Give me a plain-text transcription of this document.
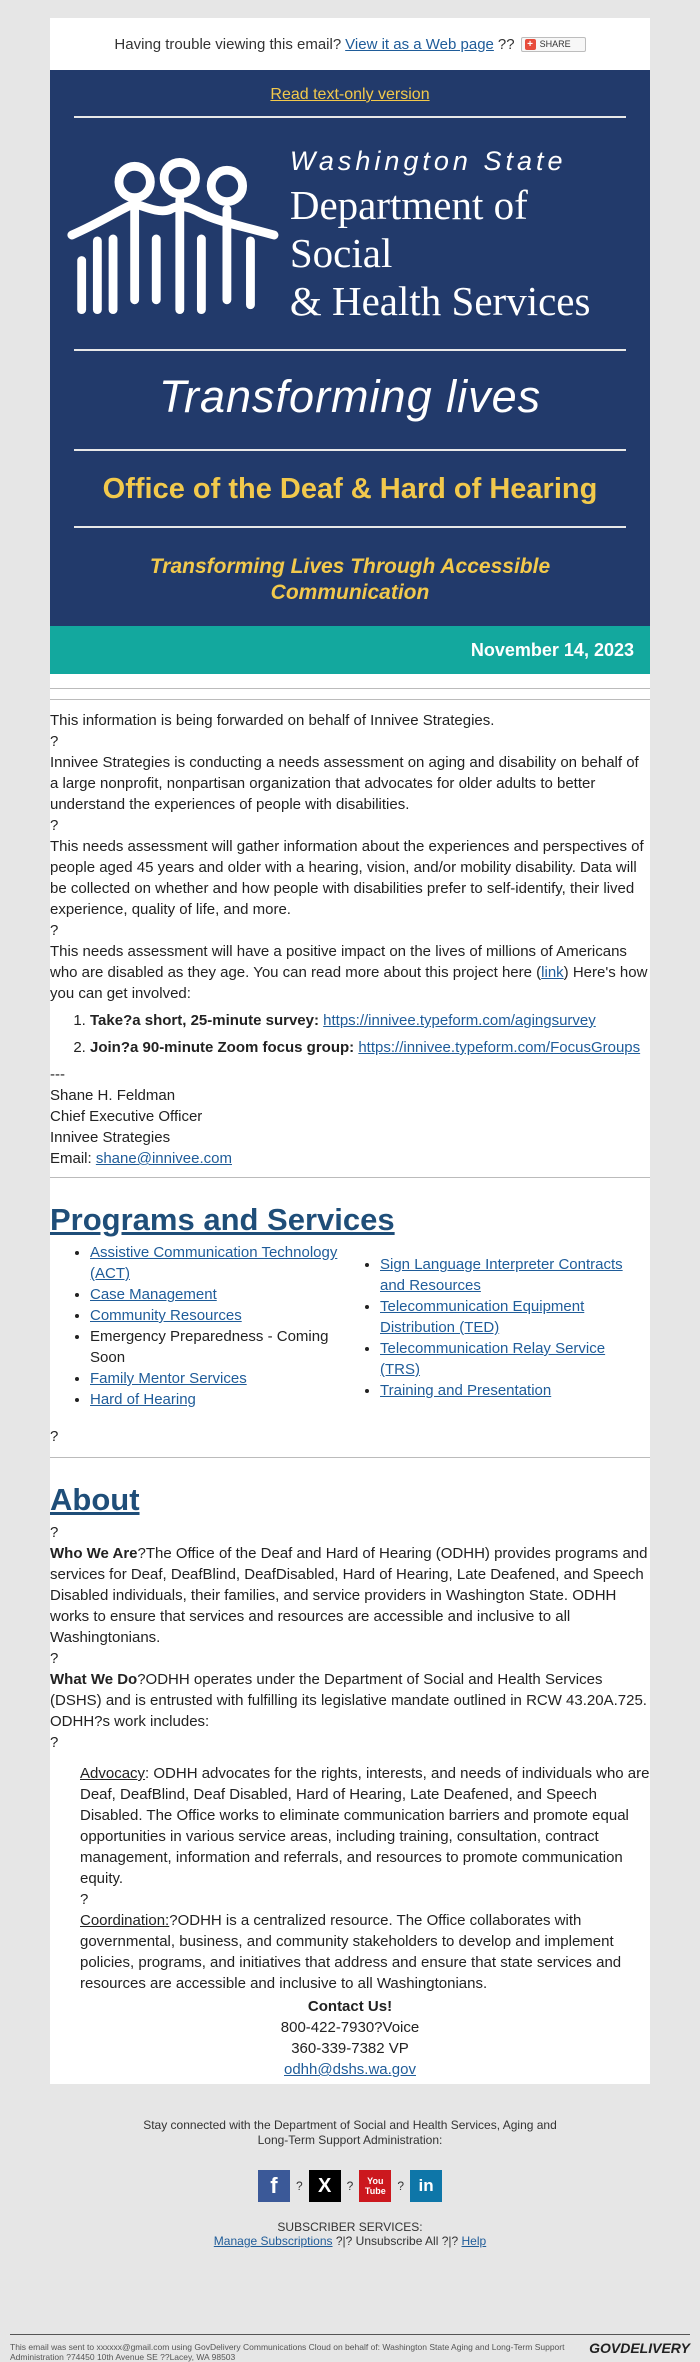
Having trouble viewing this email? View it as a Web page ?? + SHARE
Read text-only version
Washington State
Department of Social
& Health Services
Transforming lives
Office of the Deaf & Hard of Hearing
Transforming Lives Through Accessible Communication
November 14, 2023

This information is being forwarded on behalf of Innivee Strategies.

?

Innivee Strategies is conducting a needs assessment on aging and disability on behalf of a large nonprofit, nonpartisan organization that advocates for older adults to better understand the experiences of people with disabilities.

?

This needs assessment will gather information about the experiences and perspectives of people aged 45 years and older with a hearing, vision, and/or mobility disability. Data will be collected on whether and how people with disabilities prefer to self-identify, their lived experience, quality of life, and more.

?

This needs assessment will have a positive impact on the lives of millions of Americans who are disabled as they age. You can read more about this project here (link) Here's how you can get involved:

1. Take?a short, 25-minute survey: https://innivee.typeform.com/agingsurvey
2. Join?a 90-minute Zoom focus group: https://innivee.typeform.com/FocusGroups

---

Shane H. Feldman

Chief Executive Officer

Innivee Strategies

Email: shane@innivee.com

Programs and Services
• Assistive Communication Technology (ACT)
• Case Management
• Community Resources
• Emergency Preparedness - Coming Soon
• Family Mentor Services
• Hard of Hearing
• Sign Language Interpreter Contracts and Resources
• Telecommunication Equipment Distribution (TED)
• Telecommunication Relay Service (TRS)
• Training and Presentation
?
About

?

Who We Are?The Office of the Deaf and Hard of Hearing (ODHH) provides programs and services for Deaf, DeafBlind, DeafDisabled, Hard of Hearing, Late Deafened, and Speech Disabled individuals, their families, and service providers in Washington State. ODHH works to ensure that services and resources are accessible and inclusive to all Washingtonians.

?

What We Do?ODHH operates under the Department of Social and Health Services (DSHS) and is entrusted with fulfilling its legislative mandate outlined in RCW 43.20A.725. ODHH?s work includes:

?

Advocacy: ODHH advocates for the rights, interests, and needs of individuals who are Deaf, DeafBlind, Deaf Disabled, Hard of Hearing, Late Deafened, and Speech Disabled. The Office works to eliminate communication barriers and promote equal opportunities in various service areas, including training, consultation, contract management, information and referrals, and resources to promote communication equity.

?

Coordination:?ODHH is a centralized resource. The Office collaborates with governmental, business, and community stakeholders to develop and implement policies, programs, and initiatives that address and ensure that state services and resources are accessible and inclusive to all Washingtonians.

Contact Us!
800-422-7930?Voice
360-339-7382 VP
odhh@dshs.wa.gov
Stay connected with the Department of Social and Health Services, Aging and Long-Term Support Administration:
f	? X	?	You
Tube ? in
SUBSCRIBER SERVICES:
Manage Subscriptions ?|? Unsubscribe All ?|? Help
This email was sent to xxxxxx@gmail.com using GovDelivery Communications Cloud on behalf of: Washington State Aging and Long-Term Support Administration ?74450 10th Avenue SE ??Lacey, WA 98503
GOVDELIVERY
